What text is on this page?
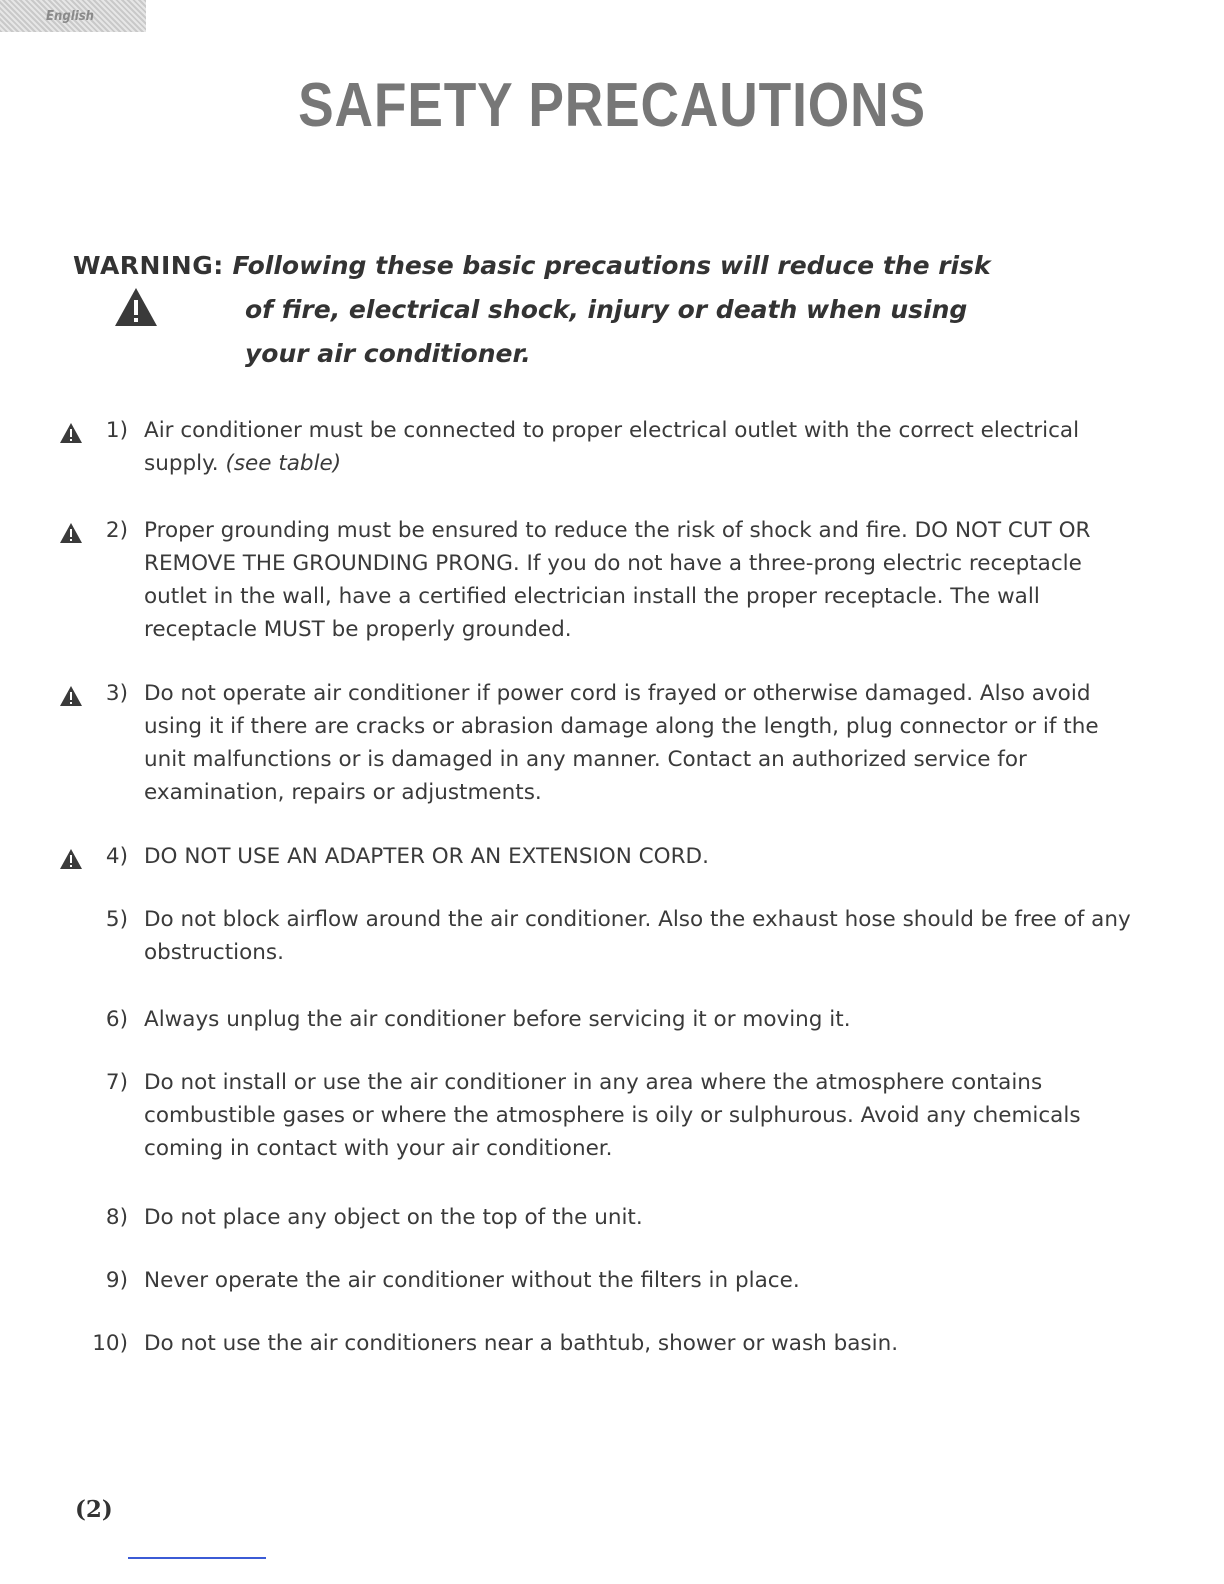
English
SAFETY PRECAUTIONS
WARNING: Following these basic precautions will reduce the risk
of fire, electrical shock, injury or death when using
your air conditioner.
1) Air conditioner must be connected to proper electrical outlet with the correct electrical supply. (see table)
2) Proper grounding must be ensured to reduce the risk of shock and fire. DO NOT CUT OR REMOVE THE GROUNDING PRONG. If you do not have a three-prong electric receptacle outlet in the wall, have a certified electrician install the proper receptacle. The wall receptacle MUST be properly grounded.
3) Do not operate air conditioner if power cord is frayed or otherwise damaged. Also avoid using it if there are cracks or abrasion damage along the length, plug connector or if the unit malfunctions or is damaged in any manner. Contact an authorized service for examination, repairs or adjustments.
4) DO NOT USE AN ADAPTER OR AN EXTENSION CORD.
5) Do not block airflow around the air conditioner. Also the exhaust hose should be free of any obstructions.
6) Always unplug the air conditioner before servicing it or moving it.
7) Do not install or use the air conditioner in any area where the atmosphere contains combustible gases or where the atmosphere is oily or sulphurous. Avoid any chemicals coming in contact with your air conditioner.
8) Do not place any object on the top of the unit.
9) Never operate the air conditioner without the filters in place.
10) Do not use the air conditioners near a bathtub, shower or wash basin.
(2)
